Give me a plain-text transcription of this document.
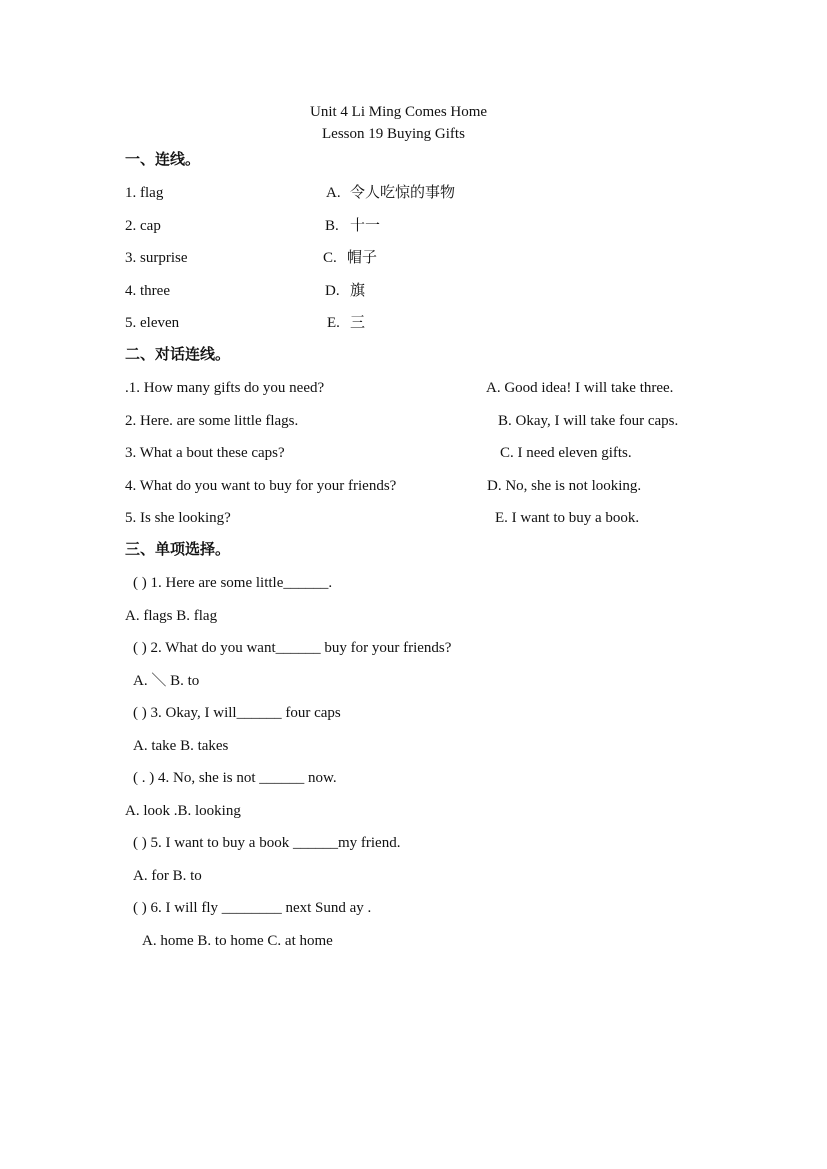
Unit 4 Li Ming Comes Home
Lesson 19 Buying Gifts
一、连线。
1. flag
2. cap
3. surprise
4. three
5. eleven
A. 令人吃惊的事物
B. 十一
C. 帽子
D. 旗
E. 三
二、对话连线。
.1. How many gifts do you need?
2. Here. are some little flags.
3. What a bout these caps?
4. What do you want to buy for your friends?
5. Is she looking?
A. Good idea! I will take three.
B. Okay, I will take four caps.
C. I need eleven gifts.
D. No, she is not looking.
E. I want to buy a book.
三、单项选择。
( ) 1. Here are some little______.
A. flags B. flag
( ) 2. What do you want______ buy for your friends?
A. ＼ B. to
( ) 3. Okay, I will______ four caps
A. take B. takes
( . ) 4. No, she is not ______ now.
A. look .B. looking
( ) 5. I want to buy a book ______my friend.
A. for B. to
( ) 6. I will fly ________ next Sund ay .
A. home B. to home C. at home
